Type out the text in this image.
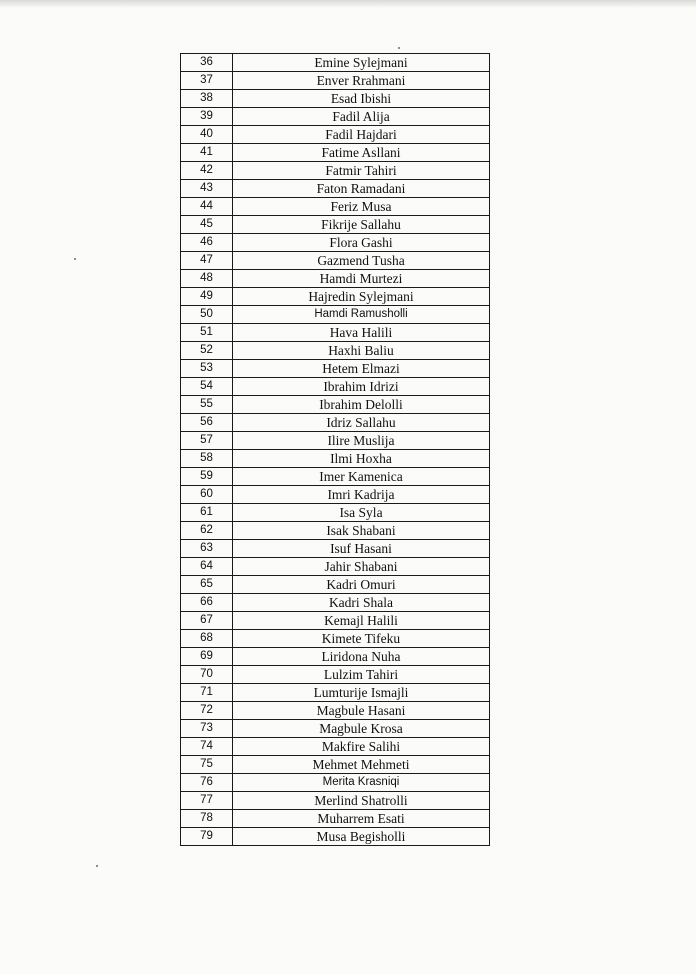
36	Emine Sylejmani
37	Enver Rrahmani
38	Esad Ibishi
39	Fadil Alija
40	Fadil Hajdari
41	Fatime Asllani
42	Fatmir Tahiri
43	Faton Ramadani
44	Feriz Musa
45	Fikrije Sallahu
46	Flora Gashi
47	Gazmend Tusha
48	Hamdi Murtezi
49	Hajredin Sylejmani
50	Hamdi Ramusholli
51	Hava Halili
52	Haxhi Baliu
53	Hetem Elmazi
54	Ibrahim Idrizi
55	Ibrahim Delolli
56	Idriz Sallahu
57	Ilire Muslija
58	Ilmi Hoxha
59	Imer Kamenica
60	Imri Kadrija
61	Isa Syla
62	Isak Shabani
63	Isuf Hasani
64	Jahir Shabani
65	Kadri Omuri
66	Kadri Shala
67	Kemajl Halili
68	Kimete Tifeku
69	Liridona Nuha
70	Lulzim Tahiri
71	Lumturije Ismajli
72	Magbule Hasani
73	Magbule Krosa
74	Makfire Salihi
75	Mehmet Mehmeti
76	Merita Krasniqi
77	Merlind Shatrolli
78	Muharrem Esati
79	Musa Begisholli
